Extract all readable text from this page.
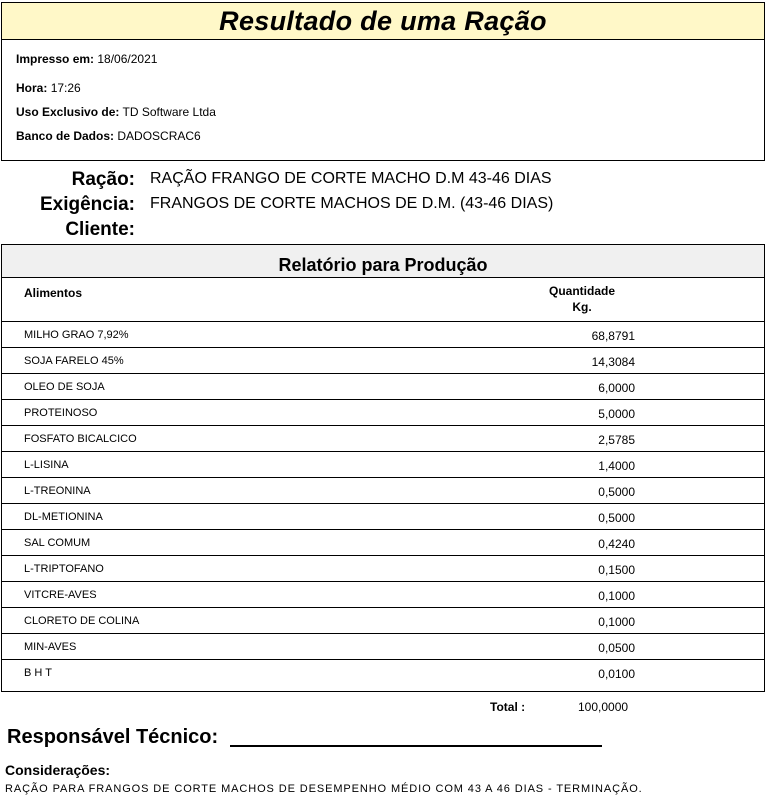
Resultado de uma Ração
Impresso em: 18/06/2021
Hora: 17:26
Uso Exclusivo de: TD Software Ltda
Banco de Dados: DADOSCRAC6
Ração: RAÇÃO FRANGO DE CORTE MACHO D.M 43-46 DIAS
Exigência: FRANGOS DE CORTE MACHOS DE D.M. (43-46 DIAS)
Cliente:
Relatório para Produção
Alimentos	Quantidade
Kg.
MILHO GRAO 7,92%	68,8791
SOJA FARELO 45%	14,3084
OLEO DE SOJA	6,0000
PROTEINOSO	5,0000
FOSFATO BICALCICO	2,5785
L-LISINA	1,4000
L-TREONINA	0,5000
DL-METIONINA	0,5000
SAL COMUM	0,4240
L-TRIPTOFANO	0,1500
VITCRE-AVES	0,1000
CLORETO DE COLINA	0,1000
MIN-AVES	0,0500
B H T	0,0100
Total :	100,0000
Responsável Técnico:
Considerações:
RAÇÃO PARA FRANGOS DE CORTE MACHOS DE DESEMPENHO MÉDIO COM 43 A 46 DIAS - TERMINAÇÃO.
